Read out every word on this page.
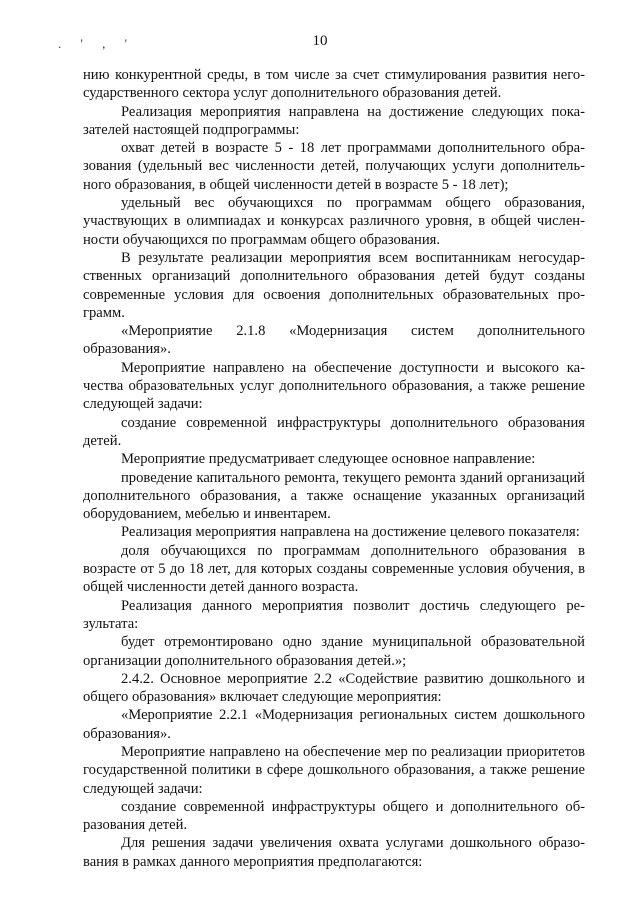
. ' , '	10

нию конкурентной среды, в том числе за счет стимулирования развития негосударственного сектора услуг дополнительного образования детей.

Реализация мероприятия направлена на достижение следующих показателей настоящей подпрограммы:

охват детей в возрасте 5 - 18 лет программами дополнительного образования (удельный вес численности детей, получающих услуги дополнительного образования, в общей численности детей в возрасте 5 - 18 лет);

удельный вес обучающихся по программам общего образования, участвующих в олимпиадах и конкурсах различного уровня, в общей численности обучающихся по программам общего образования.

В результате реализации мероприятия всем воспитанникам негосударственных организаций дополнительного образования детей будут созданы современные условия для освоения дополнительных образовательных программ.

«Мероприятие 2.1.8 «Модернизация систем дополнительного образования».

Мероприятие направлено на обеспечение доступности и высокого качества образовательных услуг дополнительного образования, а также решение следующей задачи:

создание современной инфраструктуры дополнительного образования детей.

Мероприятие предусматривает следующее основное направление:

проведение капитального ремонта, текущего ремонта зданий организаций дополнительного образования, а также оснащение указанных организаций оборудованием, мебелью и инвентарем.

Реализация мероприятия направлена на достижение целевого показателя:

доля обучающихся по программам дополнительного образования в возрасте от 5 до 18 лет, для которых созданы современные условия обучения, в общей численности детей данного возраста.

Реализация данного мероприятия позволит достичь следующего результата:

будет отремонтировано одно здание муниципальной образовательной организации дополнительного образования детей.»;

2.4.2. Основное мероприятие 2.2 «Содействие развитию дошкольного и общего образования» включает следующие мероприятия:

«Мероприятие 2.2.1 «Модернизация региональных систем дошкольного образования».

Мероприятие направлено на обеспечение мер по реализации приоритетов государственной политики в сфере дошкольного образования, а также решение следующей задачи:

создание современной инфраструктуры общего и дополнительного образования детей.

Для решения задачи увеличения охвата услугами дошкольного образования в рамках данного мероприятия предполагаются:
